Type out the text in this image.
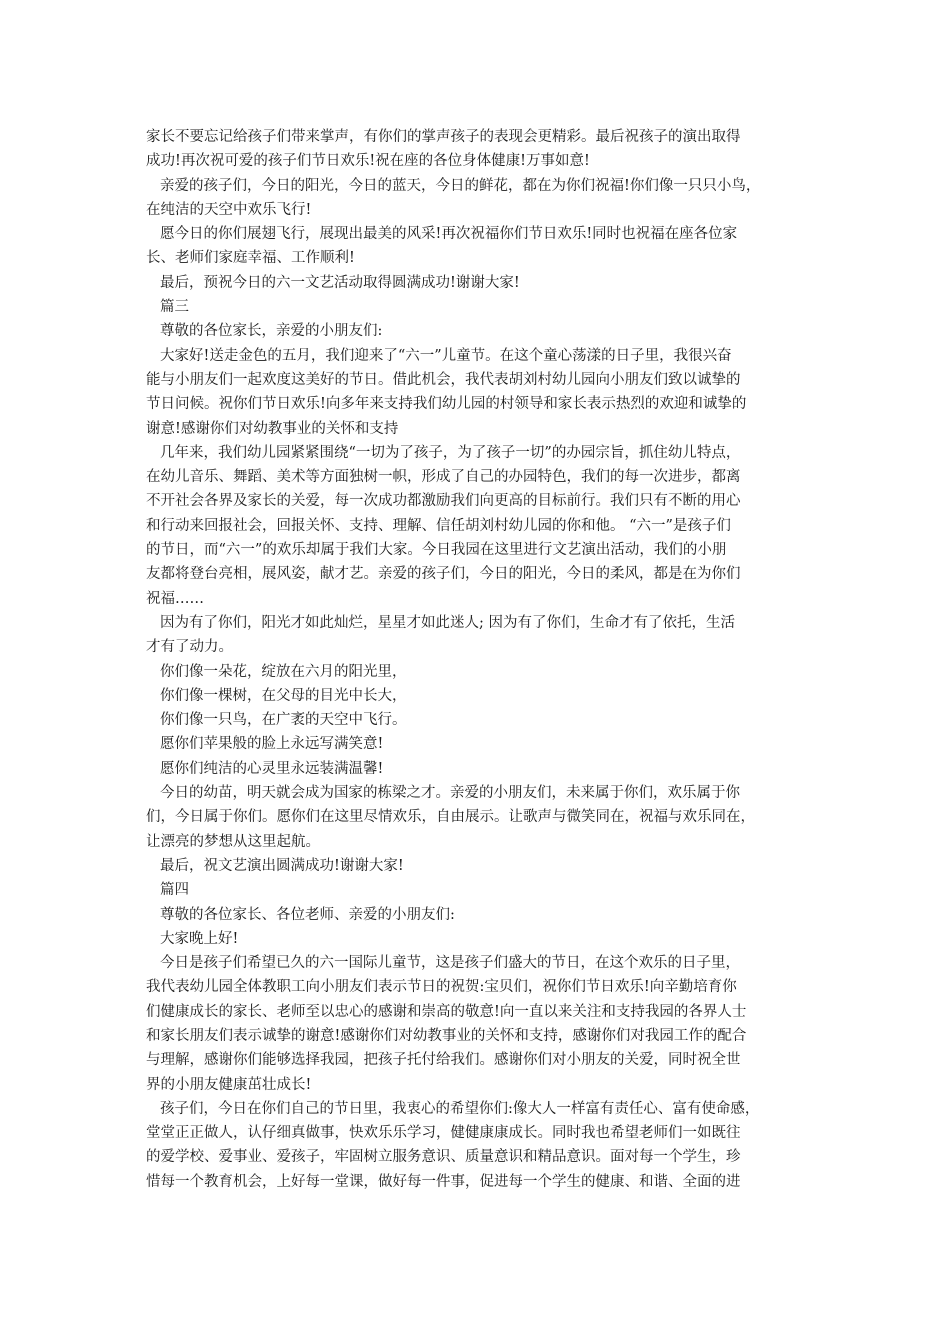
家长不要忘记给孩子们带来掌声，有你们的掌声孩子的表现会更精彩。最后祝孩子的演出取得
成功!再次祝可爱的孩子们节日欢乐!祝在座的各位身体健康!万事如意!
亲爱的孩子们，今日的阳光，今日的蓝天，今日的鲜花，都在为你们祝福!你们像一只只小鸟，
在纯洁的天空中欢乐飞行!
愿今日的你们展翅飞行，展现出最美的风采!再次祝福你们节日欢乐!同时也祝福在座各位家
长、老师们家庭幸福、工作顺利!
最后，预祝今日的六一文艺活动取得圆满成功!谢谢大家!
篇三
尊敬的各位家长，亲爱的小朋友们:
大家好!送走金色的五月，我们迎来了“六一”儿童节。在这个童心荡漾的日子里，我很兴奋
能与小朋友们一起欢度这美好的节日。借此机会，我代表胡刘村幼儿园向小朋友们致以诚挚的
节日问候。祝你们节日欢乐!向多年来支持我们幼儿园的村领导和家长表示热烈的欢迎和诚挚的
谢意!感谢你们对幼教事业的关怀和支持
几年来，我们幼儿园紧紧围绕“一切为了孩子，为了孩子一切”的办园宗旨，抓住幼儿特点，
在幼儿音乐、舞蹈、美术等方面独树一帜，形成了自己的办园特色，我们的每一次进步，都离
不开社会各界及家长的关爱，每一次成功都激励我们向更高的目标前行。我们只有不断的用心
和行动来回报社会，回报关怀、支持、理解、信任胡刘村幼儿园的你和他。 “六一”是孩子们
的节日，而“六一”的欢乐却属于我们大家。今日我园在这里进行文艺演出活动，我们的小朋
友都将登台亮相，展风姿，献才艺。亲爱的孩子们，今日的阳光，今日的柔风，都是在为你们
祝福……
因为有了你们，阳光才如此灿烂，星星才如此迷人; 因为有了你们，生命才有了依托，生活
才有了动力。
你们像一朵花，绽放在六月的阳光里，
你们像一棵树，在父母的目光中长大，
你们像一只鸟，在广袤的天空中飞行。
愿你们苹果般的脸上永远写满笑意!
愿你们纯洁的心灵里永远装满温馨!
今日的幼苗，明天就会成为国家的栋梁之才。亲爱的小朋友们，未来属于你们，欢乐属于你
们，今日属于你们。愿你们在这里尽情欢乐，自由展示。让歌声与微笑同在，祝福与欢乐同在，
让漂亮的梦想从这里起航。
最后，祝文艺演出圆满成功!谢谢大家!
篇四
尊敬的各位家长、各位老师、亲爱的小朋友们:
大家晚上好!
今日是孩子们希望已久的六一国际儿童节，这是孩子们盛大的节日，在这个欢乐的日子里，
我代表幼儿园全体教职工向小朋友们表示节日的祝贺:宝贝们，祝你们节日欢乐!向辛勤培育你
们健康成长的家长、老师至以忠心的感谢和崇高的敬意!向一直以来关注和支持我园的各界人士
和家长朋友们表示诚挚的谢意!感谢你们对幼教事业的关怀和支持，感谢你们对我园工作的配合
与理解，感谢你们能够选择我园，把孩子托付给我们。感谢你们对小朋友的关爱，同时祝全世
界的小朋友健康茁壮成长!
孩子们，今日在你们自己的节日里，我衷心的希望你们:像大人一样富有责任心、富有使命感，
堂堂正正做人，认仔细真做事，快欢乐乐学习，健健康康成长。同时我也希望老师们一如既往
的爱学校、爱事业、爱孩子，牢固树立服务意识、质量意识和精品意识。面对每一个学生，珍
惜每一个教育机会，上好每一堂课，做好每一件事，促进每一个学生的健康、和谐、全面的进
